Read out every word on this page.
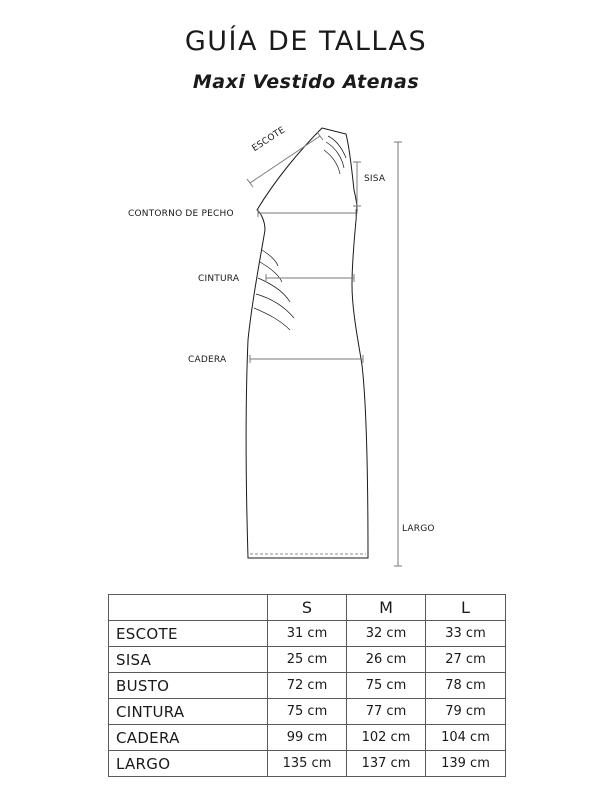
GUÍA DE TALLAS
Maxi Vestido Atenas
ESCOTE
SISA
CONTORNO DE PECHO
CINTURA
CADERA
LARGO
	S	M	L
ESCOTE	31 cm	32 cm	33 cm
SISA	25 cm	26 cm	27 cm
BUSTO	72 cm	75 cm	78 cm
CINTURA	75 cm	77 cm	79 cm
CADERA	99 cm	102 cm	104 cm
LARGO	135 cm	137 cm	139 cm
